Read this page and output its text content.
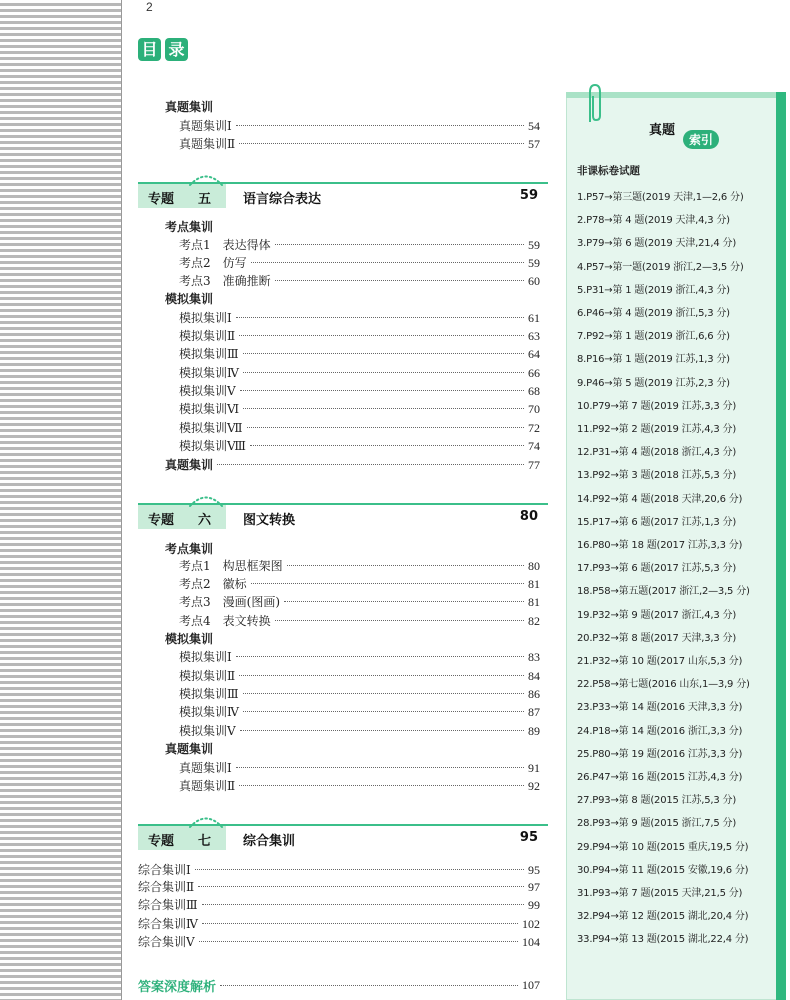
2
目 录
真题集训
真题集训Ⅰ	54
真题集训Ⅱ	57
专题 五 语言综合表达	59
考点集训
考点1　表达得体	59
考点2　仿写	59
考点3　准确推断	60
模拟集训
模拟集训Ⅰ	61
模拟集训Ⅱ	63
模拟集训Ⅲ	64
模拟集训Ⅳ	66
模拟集训Ⅴ	68
模拟集训Ⅵ	70
模拟集训Ⅶ	72
模拟集训Ⅷ	74
真题集训	77
专题 六 图文转换	80
考点集训
考点1　构思框架图	80
考点2　徽标	81
考点3　漫画(图画)	81
考点4　表文转换	82
模拟集训
模拟集训Ⅰ	83
模拟集训Ⅱ	84
模拟集训Ⅲ	86
模拟集训Ⅳ	87
模拟集训Ⅴ	89
真题集训
真题集训Ⅰ	91
真题集训Ⅱ	92
专题 七 综合集训	95
综合集训Ⅰ	95
综合集训Ⅱ	97
综合集训Ⅲ	99
综合集训Ⅳ	102
综合集训Ⅴ	104
答案深度解析	107
真题
索引
非课标卷试题
1.P57→第三题(2019 天津,1—2,6 分)
2.P78→第 4 题(2019 天津,4,3 分)
3.P79→第 6 题(2019 天津,21,4 分)
4.P57→第一题(2019 浙江,2—3,5 分)
5.P31→第 1 题(2019 浙江,4,3 分)
6.P46→第 4 题(2019 浙江,5,3 分)
7.P92→第 1 题(2019 浙江,6,6 分)
8.P16→第 1 题(2019 江苏,1,3 分)
9.P46→第 5 题(2019 江苏,2,3 分)
10.P79→第 7 题(2019 江苏,3,3 分)
11.P92→第 2 题(2019 江苏,4,3 分)
12.P31→第 4 题(2018 浙江,4,3 分)
13.P92→第 3 题(2018 江苏,5,3 分)
14.P92→第 4 题(2018 天津,20,6 分)
15.P17→第 6 题(2017 江苏,1,3 分)
16.P80→第 18 题(2017 江苏,3,3 分)
17.P93→第 6 题(2017 江苏,5,3 分)
18.P58→第五题(2017 浙江,2—3,5 分)
19.P32→第 9 题(2017 浙江,4,3 分)
20.P32→第 8 题(2017 天津,3,3 分)
21.P32→第 10 题(2017 山东,5,3 分)
22.P58→第七题(2016 山东,1—3,9 分)
23.P33→第 14 题(2016 天津,3,3 分)
24.P18→第 14 题(2016 浙江,3,3 分)
25.P80→第 19 题(2016 江苏,3,3 分)
26.P47→第 16 题(2015 江苏,4,3 分)
27.P93→第 8 题(2015 江苏,5,3 分)
28.P93→第 9 题(2015 浙江,7,5 分)
29.P94→第 10 题(2015 重庆,19,5 分)
30.P94→第 11 题(2015 安徽,19,6 分)
31.P93→第 7 题(2015 天津,21,5 分)
32.P94→第 12 题(2015 湖北,20,4 分)
33.P94→第 13 题(2015 湖北,22,4 分)
